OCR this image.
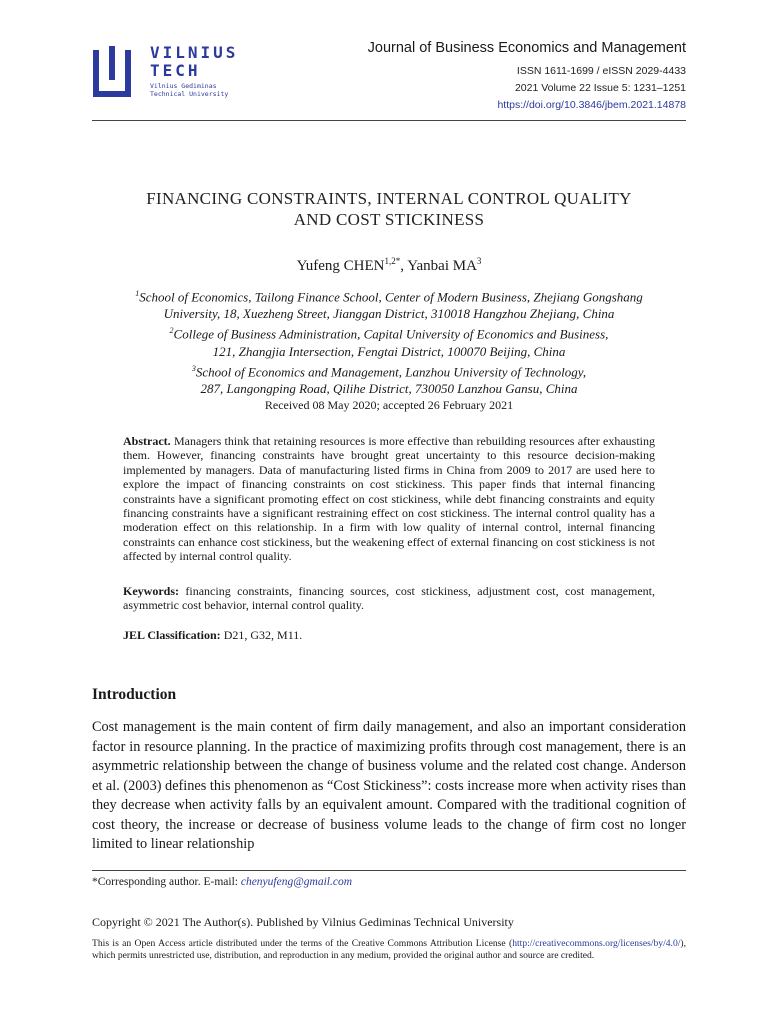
VILNIUS
TECH
Vilnius Gediminas
Technical University
Journal of Business Economics and Management
ISSN 1611-1699 / eISSN 2029-4433
2021 Volume 22 Issue 5: 1231–1251
https://doi.org/10.3846/jbem.2021.14878
FINANCING CONSTRAINTS, INTERNAL CONTROL QUALITY
AND COST STICKINESS
Yufeng $CHEN^{1,2*}$, Yanbai $MA^3$
$^1$School of Economics, Tailong Finance School, Center of Modern Business, Zhejiang Gongshang
University, 18, Xuezheng Street, Jianggan District, 310018 Hangzhou Zhejiang, China
$^2$College of Business Administration, Capital University of Economics and Business,
121, Zhangjia Intersection, Fengtai District, 100070 Beijing, China
$^3$School of Economics and Management, Lanzhou University of Technology,
287, Langongping Road, Qilihe District, 730050 Lanzhou Gansu, China
Received 08 May 2020; accepted 26 February 2021
Abstract. Managers think that retaining resources is more effective than rebuilding resources after exhausting them. However, financing constraints have brought great uncertainty to this resource decision-making implemented by managers. Data of manufacturing listed firms in China from 2009 to 2017 are used here to explore the impact of financing constraints on cost stickiness. This paper finds that internal financing constraints have a significant promoting effect on cost stickiness, while debt financing constraints and equity financing constraints have a significant restraining effect on cost stickiness. The internal control quality has a moderation effect on this relationship. In a firm with low quality of internal control, internal financing constraints can enhance cost stickiness, but the weakening effect of external financing on cost stickiness is not affected by internal control quality.
Keywords: financing constraints, financing sources, cost stickiness, adjustment cost, cost management, asymmetric cost behavior, internal control quality.
JEL Classification: D21, G32, M11.
Introduction
Cost management is the main content of firm daily management, and also an important consideration factor in resource planning. In the practice of maximizing profits through cost management, there is an asymmetric relationship between the change of business volume and the related cost change. Anderson et al. (2003) defines this phenomenon as “Cost Stickiness”: costs increase more when activity rises than they decrease when activity falls by an equivalent amount. Compared with the traditional cognition of cost theory, the increase or decrease of business volume leads to the change of firm cost no longer limited to linear relationship
*Corresponding author. E-mail: chenyufeng@gmail.com
Copyright © 2021 The Author(s). Published by Vilnius Gediminas Technical University
This is an Open Access article distributed under the terms of the Creative Commons Attribution License (http://creativecommons.org/licenses/by/4.0/), which permits unrestricted use, distribution, and reproduction in any medium, provided the original author and source are credited.
